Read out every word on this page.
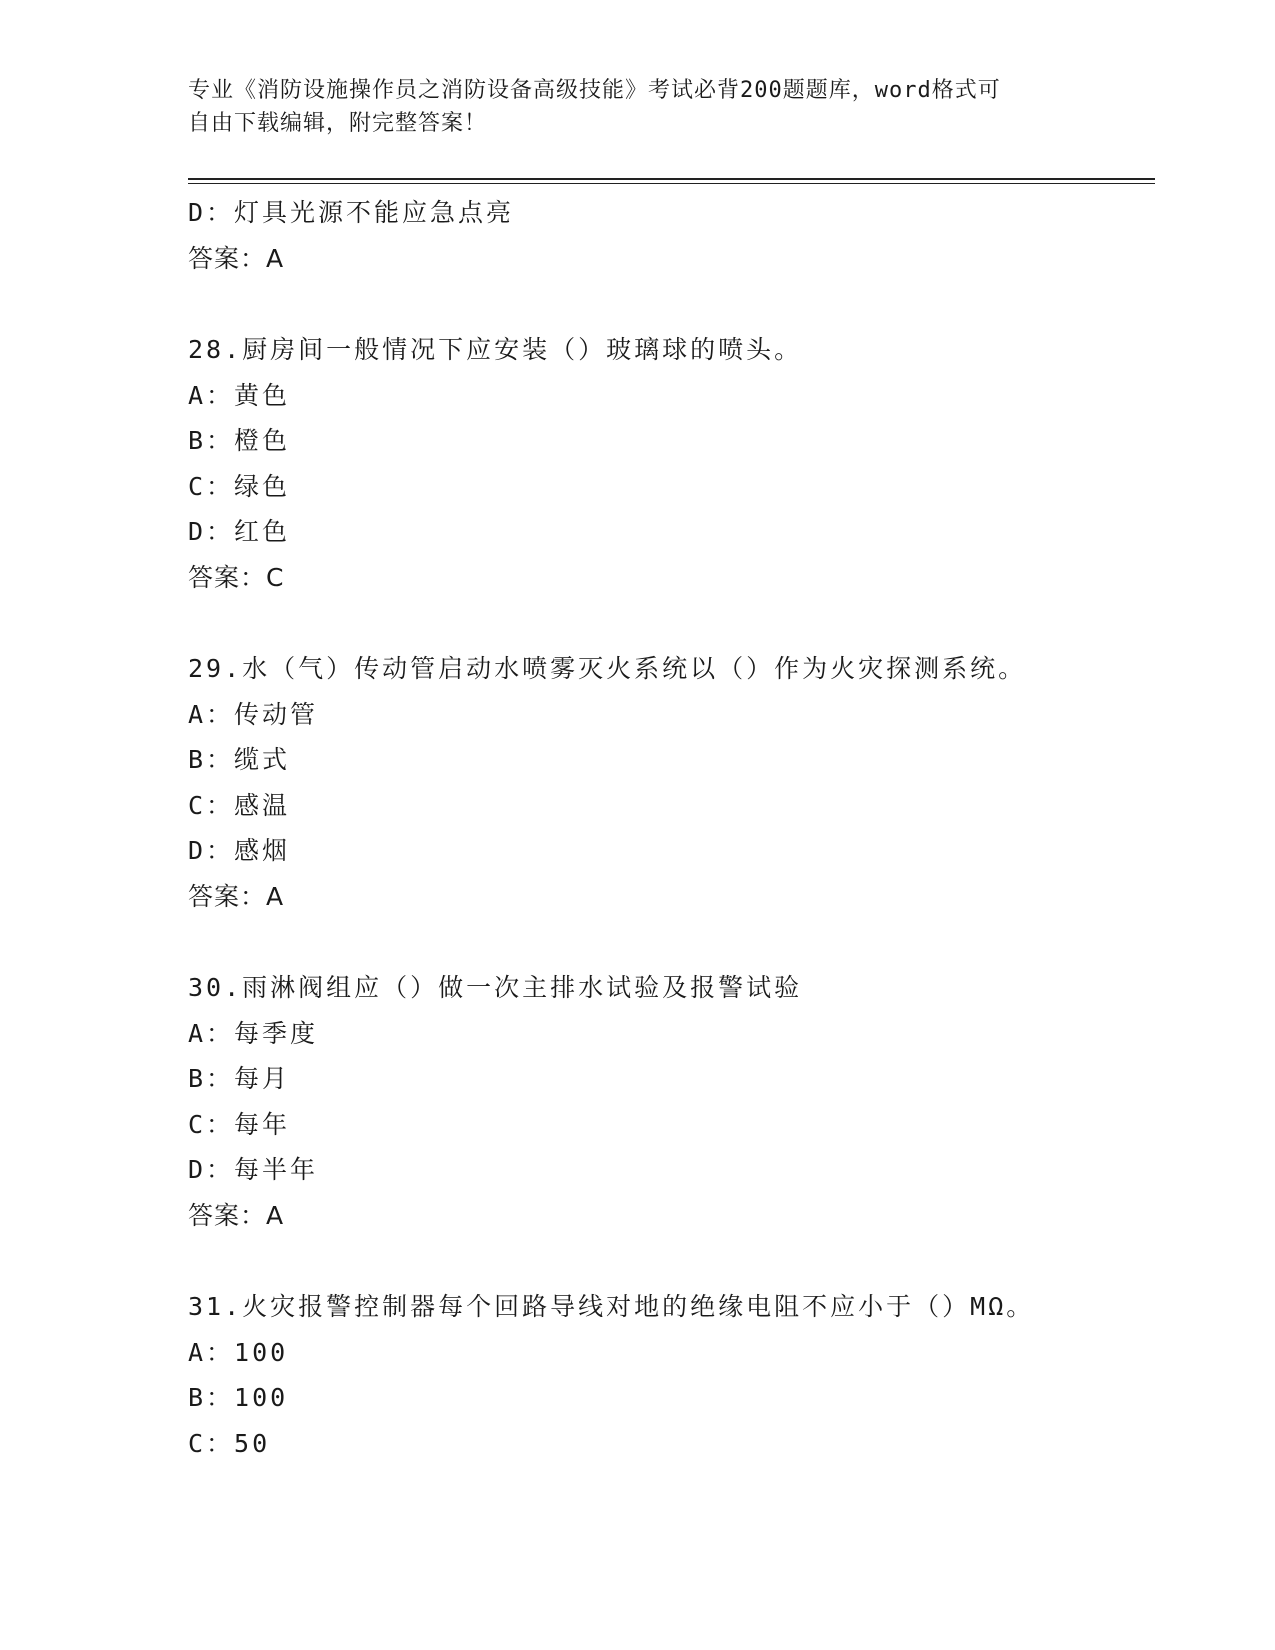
专业《消防设施操作员之消防设备高级技能》考试必背200题题库，word格式可
自由下载编辑，附完整答案！
D：灯具光源不能应急点亮
答案：A
28.厨房间一般情况下应安装（）玻璃球的喷头。
A：黄色
B：橙色
C：绿色
D：红色
答案：C
29.水（气）传动管启动水喷雾灭火系统以（）作为火灾探测系统。
A：传动管
B：缆式
C：感温
D：感烟
答案：A
30.雨淋阀组应（）做一次主排水试验及报警试验
A：每季度
B：每月
C：每年
D：每半年
答案：A
31.火灾报警控制器每个回路导线对地的绝缘电阻不应小于（）MΩ。
A：100
B：100
C：50
